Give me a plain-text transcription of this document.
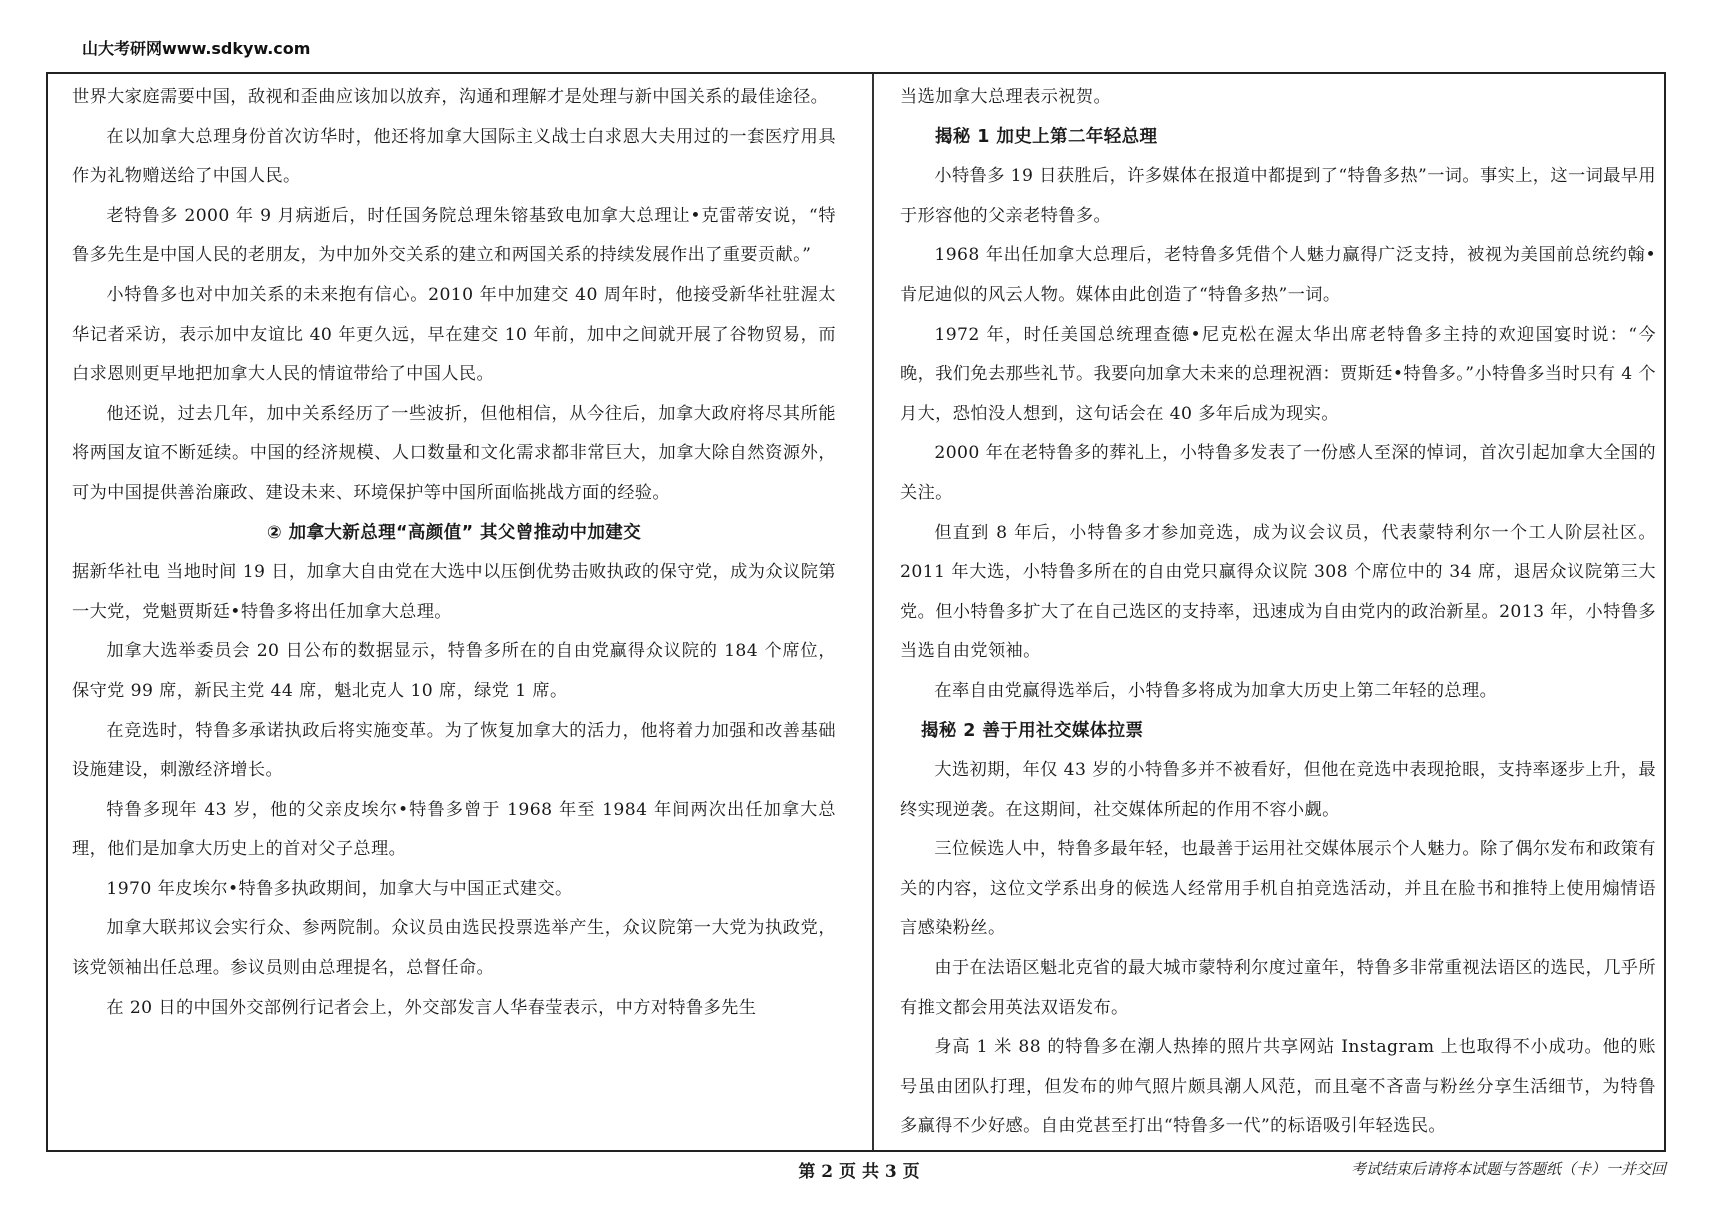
山大考研网www.sdkyw.com

世界大家庭需要中国，敌视和歪曲应该加以放弃，沟通和理解才是处理与新中国关系的最佳途径。

在以加拿大总理身份首次访华时，他还将加拿大国际主义战士白求恩大夫用过的一套医疗用具作为礼物赠送给了中国人民。

老特鲁多 2000 年 9 月病逝后，时任国务院总理朱镕基致电加拿大总理让•克雷蒂安说，“特鲁多先生是中国人民的老朋友，为中加外交关系的建立和两国关系的持续发展作出了重要贡献。”

小特鲁多也对中加关系的未来抱有信心。2010 年中加建交 40 周年时，他接受新华社驻渥太华记者采访，表示加中友谊比 40 年更久远，早在建交 10 年前，加中之间就开展了谷物贸易，而白求恩则更早地把加拿大人民的情谊带给了中国人民。

他还说，过去几年，加中关系经历了一些波折，但他相信，从今往后，加拿大政府将尽其所能将两国友谊不断延续。中国的经济规模、人口数量和文化需求都非常巨大，加拿大除自然资源外，可为中国提供善治廉政、建设未来、环境保护等中国所面临挑战方面的经验。

② 加拿大新总理“高颜值” 其父曾推动中加建交

据新华社电 当地时间 19 日，加拿大自由党在大选中以压倒优势击败执政的保守党，成为众议院第一大党，党魁贾斯廷•特鲁多将出任加拿大总理。

加拿大选举委员会 20 日公布的数据显示，特鲁多所在的自由党赢得众议院的 184 个席位，保守党 99 席，新民主党 44 席，魁北克人 10 席，绿党 1 席。

在竞选时，特鲁多承诺执政后将实施变革。为了恢复加拿大的活力，他将着力加强和改善基础设施建设，刺激经济增长。

特鲁多现年 43 岁，他的父亲皮埃尔•特鲁多曾于 1968 年至 1984 年间两次出任加拿大总理，他们是加拿大历史上的首对父子总理。

1970 年皮埃尔•特鲁多执政期间，加拿大与中国正式建交。

加拿大联邦议会实行众、参两院制。众议员由选民投票选举产生，众议院第一大党为执政党，该党领袖出任总理。参议员则由总理提名，总督任命。

在 20 日的中国外交部例行记者会上，外交部发言人华春莹表示，中方对特鲁多先生

当选加拿大总理表示祝贺。

揭秘 1 加史上第二年轻总理

小特鲁多 19 日获胜后，许多媒体在报道中都提到了“特鲁多热”一词。事实上，这一词最早用于形容他的父亲老特鲁多。

1968 年出任加拿大总理后，老特鲁多凭借个人魅力赢得广泛支持，被视为美国前总统约翰•肯尼迪似的风云人物。媒体由此创造了“特鲁多热”一词。

1972 年，时任美国总统理查德•尼克松在渥太华出席老特鲁多主持的欢迎国宴时说：“今晚，我们免去那些礼节。我要向加拿大未来的总理祝酒：贾斯廷•特鲁多。”小特鲁多当时只有 4 个月大，恐怕没人想到，这句话会在 40 多年后成为现实。

2000 年在老特鲁多的葬礼上，小特鲁多发表了一份感人至深的悼词，首次引起加拿大全国的关注。

但直到 8 年后，小特鲁多才参加竞选，成为议会议员，代表蒙特利尔一个工人阶层社区。2011 年大选，小特鲁多所在的自由党只赢得众议院 308 个席位中的 34 席，退居众议院第三大党。但小特鲁多扩大了在自己选区的支持率，迅速成为自由党内的政治新星。2013 年，小特鲁多当选自由党领袖。

在率自由党赢得选举后，小特鲁多将成为加拿大历史上第二年轻的总理。

揭秘 2 善于用社交媒体拉票

大选初期，年仅 43 岁的小特鲁多并不被看好，但他在竞选中表现抢眼，支持率逐步上升，最终实现逆袭。在这期间，社交媒体所起的作用不容小觑。

三位候选人中，特鲁多最年轻，也最善于运用社交媒体展示个人魅力。除了偶尔发布和政策有关的内容，这位文学系出身的候选人经常用手机自拍竞选活动，并且在脸书和推特上使用煽情语言感染粉丝。

由于在法语区魁北克省的最大城市蒙特利尔度过童年，特鲁多非常重视法语区的选民，几乎所有推文都会用英法双语发布。

身高 1 米 88 的特鲁多在潮人热捧的照片共享网站 Instagram 上也取得不小成功。他的账号虽由团队打理，但发布的帅气照片颇具潮人风范，而且毫不吝啬与粉丝分享生活细节，为特鲁多赢得不少好感。自由党甚至打出“特鲁多一代”的标语吸引年轻选民。

第 2 页 共 3 页	考试结束后请将本试题与答题纸（卡）一并交回
